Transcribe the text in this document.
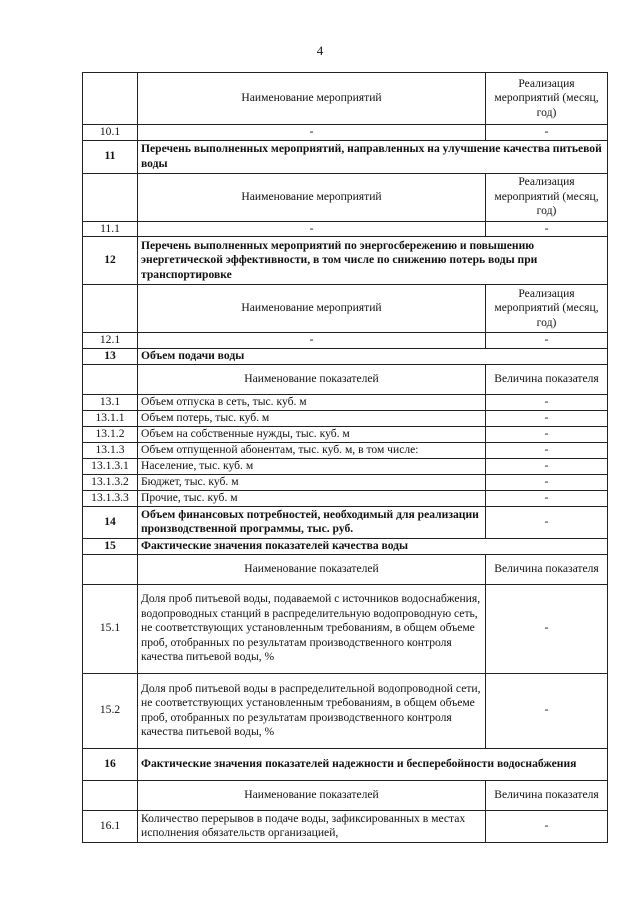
4
	Наименование мероприятий	Реализация мероприятий (месяц, год)
10.1	-	-
11	Перечень выполненных мероприятий, направленных на улучшение качества питьевой воды	
	Наименование мероприятий	Реализация мероприятий (месяц, год)
11.1	-	-
12	Перечень выполненных мероприятий по энергосбережению и повышению энергетической эффективности, в том числе по снижению потерь воды при транспортировке	
	Наименование мероприятий	Реализация мероприятий (месяц, год)
12.1	-	-
13	Объем подачи воды	
	Наименование показателей	Величина показателя
13.1	Объем отпуска в сеть, тыс. куб. м	-
13.1.1	Объем потерь, тыс. куб. м	-
13.1.2	Объем на собственные нужды, тыс. куб. м	-
13.1.3	Объем отпущенной абонентам, тыс. куб. м, в том числе:	-
13.1.3.1	Население, тыс. куб. м	-
13.1.3.2	Бюджет, тыс. куб. м	-
13.1.3.3	Прочие, тыс. куб. м	-
14	Объем финансовых потребностей, необходимый для реализации производственной программы, тыс. руб.	-
15	Фактические значения показателей качества воды	
	Наименование показателей	Величина показателя
15.1	Доля проб питьевой воды, подаваемой с источников водоснабжения, водопроводных станций в распределительную водопроводную сеть, не соответствующих установленным требованиям, в общем объеме проб, отобранных по результатам производственного контроля качества питьевой воды, %	-
15.2	Доля проб питьевой воды в распределительной водопроводной сети, не соответствующих установленным требованиям, в общем объеме проб, отобранных по результатам производственного контроля качества питьевой воды, %	-
16	Фактические значения показателей надежности и бесперебойности водоснабжения	
	Наименование показателей	Величина показателя
16.1	Количество перерывов в подаче воды, зафиксированных в местах исполнения обязательств организацией,	-
